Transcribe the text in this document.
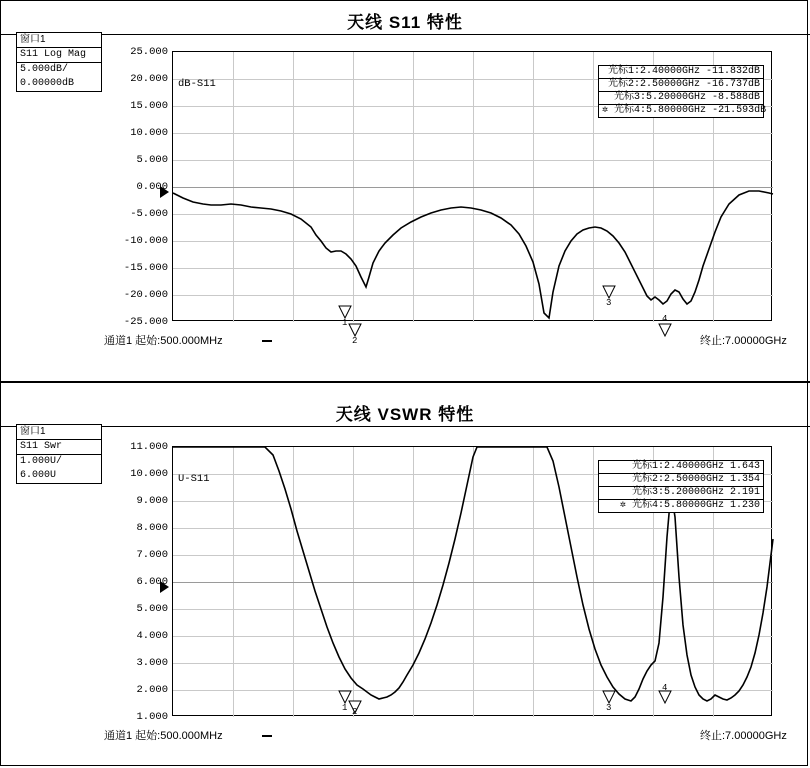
天线 S11 特性
窗口1
S11 Log Mag
5.000dB/
0.00000dB
25.000
20.000
15.000
10.000
5.000
0.000
-5.000
-10.000
-15.000
-20.000
-25.000
dB-S11
1
2
3
4
光标1:2.40000GHz -11.832dB
光标2:2.50000GHz -16.737dB
光标3:5.20000GHz -8.588dB
✲ 光标4:5.80000GHz -21.593dB
通道1 起始:500.000MHz	终止:7.00000GHz
天线 VSWR 特性
窗口1
S11 Swr
1.000U/
6.000U
11.000
10.000
9.000
8.000
7.000
6.000
5.000
4.000
3.000
2.000
1.000
U-S11
1 2	3
4
光标1:2.40000GHz 1.643
光标2:2.50000GHz 1.354
光标3:5.20000GHz 2.191
✲ 光标4:5.80000GHz 1.230
通道1 起始:500.000MHz	终止:7.00000GHz
